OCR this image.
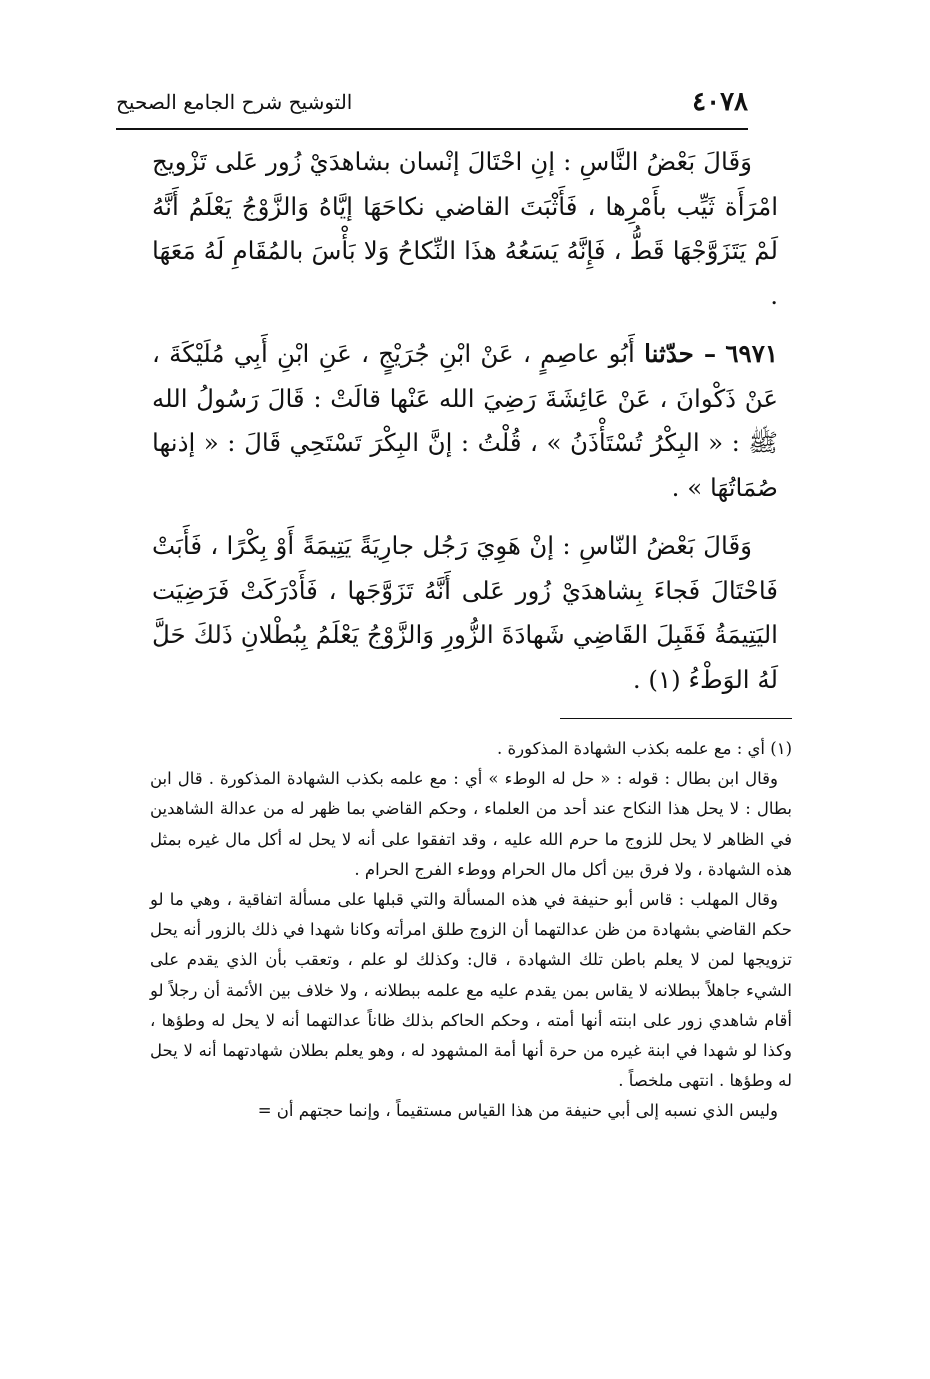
٤٠٧٨
التوشيح شرح الجامع الصحيح

وَقَالَ بَعْضُ النَّاسِ : إنِ احْتَالَ إنْسان بشاهدَيْ زُور عَلى تَزْويج امْرَأَة ثَيِّب بأَمْرِها ، فَأَثْبَتَ القاضي نكاحَهَا إيَّاهُ وَالزَّوْجُ يَعْلَمُ أَنَّهُ لَمْ يَتَزَوَّجْهَا قَطُّ ، فَإِنَّهُ يَسَعُهُ هذَا النِّكاحُ وَلا بَأْسَ بالمُقَامِ لَهُ مَعَهَا .

٦٩٧١ – حدّثنا أَبُو عاصِمٍ ، عَنْ ابْنِ جُرَيْجٍ ، عَنِ ابْنِ أَبِي مُلَيْكَةَ ، عَنْ ذَكْوانَ ، عَنْ عَائِشَةَ رَضِيَ الله عَنْها قالَتْ : قَالَ رَسُولُ الله ﷺ : « البِكْرُ تُسْتَأْذَنُ » ، قُلْتُ : إنَّ البِكْرَ تَسْتَحِي قَالَ : « إذنها صُمَاتُهَا » .

وَقَالَ بَعْضُ النّاسِ : إنْ هَوِيَ رَجُل جارِيَةً يَتِيمَةً أَوْ بِكْرًا ، فَأَبَتْ فَاحْتَالَ فَجاءَ بِشاهدَيْ زُور عَلى أَنَّهُ تَزَوَّجَها ، فَأَدْرَكَتْ فَرَضِيَت اليَتِيمَةُ فَقَبِلَ القَاضِي شَهادَةَ الزُّورِ وَالزَّوْجُ يَعْلَمُ بِبُطْلانِ ذَلكَ حَلَّ لَهُ الوَطْءُ (١) .

(١) أي : مع علمه بكذب الشهادة المذكورة .

وقال ابن بطال : قوله : « حل له الوطء » أي : مع علمه بكذب الشهادة المذكورة . قال ابن بطال : لا يحل هذا النكاح عند أحد من العلماء ، وحكم القاضي بما ظهر له من عدالة الشاهدين في الظاهر لا يحل للزوج ما حرم الله عليه ، وقد اتفقوا على أنه لا يحل له أكل مال غيره بمثل هذه الشهادة ، ولا فرق بين أكل مال الحرام ووطء الفرج الحرام .

وقال المهلب : قاس أبو حنيفة في هذه المسألة والتي قبلها على مسألة اتفاقية ، وهي ما لو حكم القاضي بشهادة من ظن عدالتهما أن الزوج طلق امرأته وكانا شهدا في ذلك بالزور أنه يحل تزويجها لمن لا يعلم باطن تلك الشهادة ، قال: وكذلك لو علم ، وتعقب بأن الذي يقدم على الشيء جاهلاً ببطلانه لا يقاس بمن يقدم عليه مع علمه ببطلانه ، ولا خلاف بين الأئمة أن رجلاً لو أقام شاهدي زور على ابنته أنها أمته ، وحكم الحاكم بذلك ظاناً عدالتهما أنه لا يحل له وطؤها ، وكذا لو شهدا في ابنة غيره من حرة أنها أمة المشهود له ، وهو يعلم بطلان شهادتهما أنه لا يحل له وطؤها . انتهى ملخصاً .

وليس الذي نسبه إلى أبي حنيفة من هذا القياس مستقيماً ، وإنما حجتهم أن =
